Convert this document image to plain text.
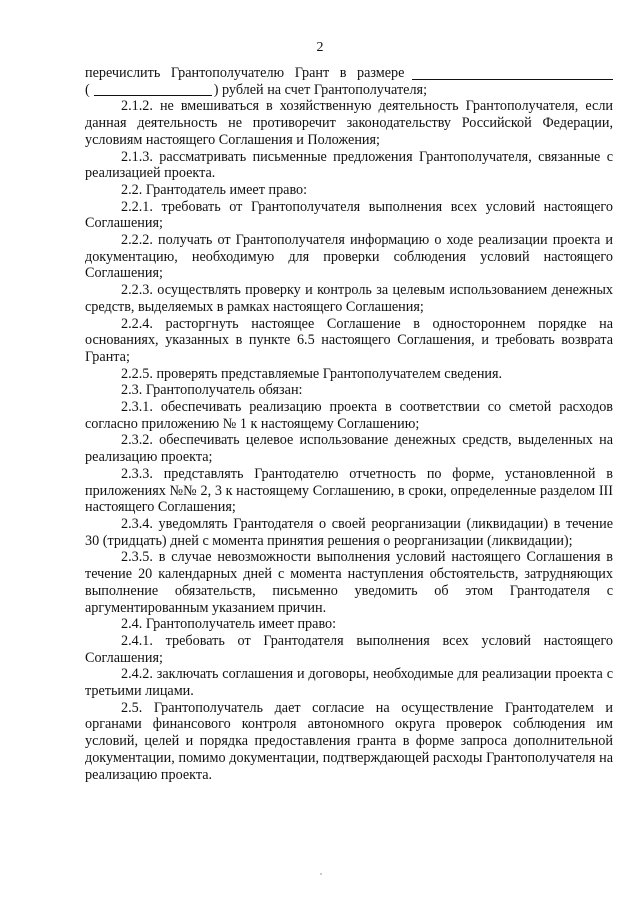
2
перечислить Грантополучателю Грант в размере
(	) рублей на счет Грантополучателя;

2.1.2. не вмешиваться в хозяйственную деятельность Грантополучателя, если данная деятельность не противоречит законодательству Российской Федерации, условиям настоящего Соглашения и Положения;

2.1.3. рассматривать письменные предложения Грантополучателя, связанные с реализацией проекта.

2.2. Грантодатель имеет право:

2.2.1. требовать от Грантополучателя выполнения всех условий настоящего Соглашения;

2.2.2. получать от Грантополучателя информацию о ходе реализации проекта и документацию, необходимую для проверки соблюдения условий настоящего Соглашения;

2.2.3. осуществлять проверку и контроль за целевым использованием денежных средств, выделяемых в рамках настоящего Соглашения;

2.2.4. расторгнуть настоящее Соглашение в одностороннем порядке на основаниях, указанных в пункте 6.5 настоящего Соглашения, и требовать возврата Гранта;

2.2.5. проверять представляемые Грантополучателем сведения.

2.3. Грантополучатель обязан:

2.3.1. обеспечивать реализацию проекта в соответствии со сметой расходов согласно приложению № 1 к настоящему Соглашению;

2.3.2. обеспечивать целевое использование денежных средств, выделенных на реализацию проекта;

2.3.3. представлять Грантодателю отчетность по форме, установленной в приложениях №№ 2, 3 к настоящему Соглашению, в сроки, определенные разделом III настоящего Соглашения;

2.3.4. уведомлять Грантодателя о своей реорганизации (ликвидации) в течение 30 (тридцать) дней с момента принятия решения о реорганизации (ликвидации);

2.3.5. в случае невозможности выполнения условий настоящего Соглашения в течение 20 календарных дней с момента наступления обстоятельств, затрудняющих выполнение обязательств, письменно уведомить об этом Грантодателя с аргументированным указанием причин.

2.4. Грантополучатель имеет право:

2.4.1. требовать от Грантодателя выполнения всех условий настоящего Соглашения;

2.4.2. заключать соглашения и договоры, необходимые для реализации проекта с третьими лицами.

2.5. Грантополучатель дает согласие на осуществление Грантодателем и органами финансового контроля автономного округа проверок соблюдения им условий, целей и порядка предоставления гранта в форме запроса дополнительной документации, помимо документации, подтверждающей расходы Грантополучателя на реализацию проекта.
